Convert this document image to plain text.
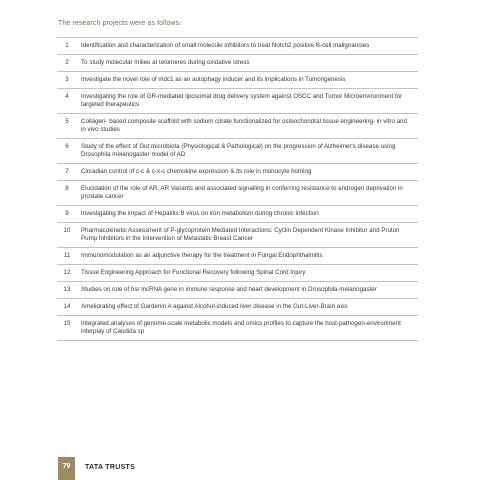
The research projects were as follows:
1	Identification and characterization of small molecule inhibitors to treat Notch2 positive B-cell malignancies
2	To study molecular milieu at telomeres during oxidative stress
3	Investigate the novel role of mdc1 as an autophagy inducer and its implications in Tumorigenesis
4	Investigating the role of GR-mediated liposomal drug delivery system against OSCC and Tumor Microenvironment for targeted therapeutics
5	Collagen- based composite scaffold with sodium citrate functionalized for osteochondral tissue engineering- in vitro and in vivo studies
6	Study of the effect of Gut microbiota (Physiological & Pathological) on the progression of Alzheimer's disease using Drosophila melanogaster model of AD
7	Circadian control of c-c & c-x-c chemokine expression & its role in monocyte homing
8	Elucidation of the role of AR, AR Variants and associated signalling in conferring resistance to androgen deprivation in prostate cancer
9	Investigating the impact of Hepatitis B virus on iron metabolism during chronic infection
10	Pharmacokinetic Assessment of P-glycoprotein Mediated Interactions: Cyclin Dependent Kinase Inhibitor and Proton Pump Inhibitors in the Intervention of Metastatic Breast Cancer
11	Immunomodulation as an adjunctive therapy for the treatment in Fungal Endophthalmitis
12	Tissue Engineering Approach for Functional Recovery following Spinal Cord Injury
13	Studies on role of hsr lncRNA gene in immune response and heart development in Drosophila melanogaster
14	Ameliorating effect of Gardenin A against Alcohol-induced liver disease in the Gut-Liver-Brain axis
15	Integrated analyses of genome-scale metabolic models and omics profiles to capture the host-pathogen-environment interplay of Candida sp
79	TATA TRUSTS
